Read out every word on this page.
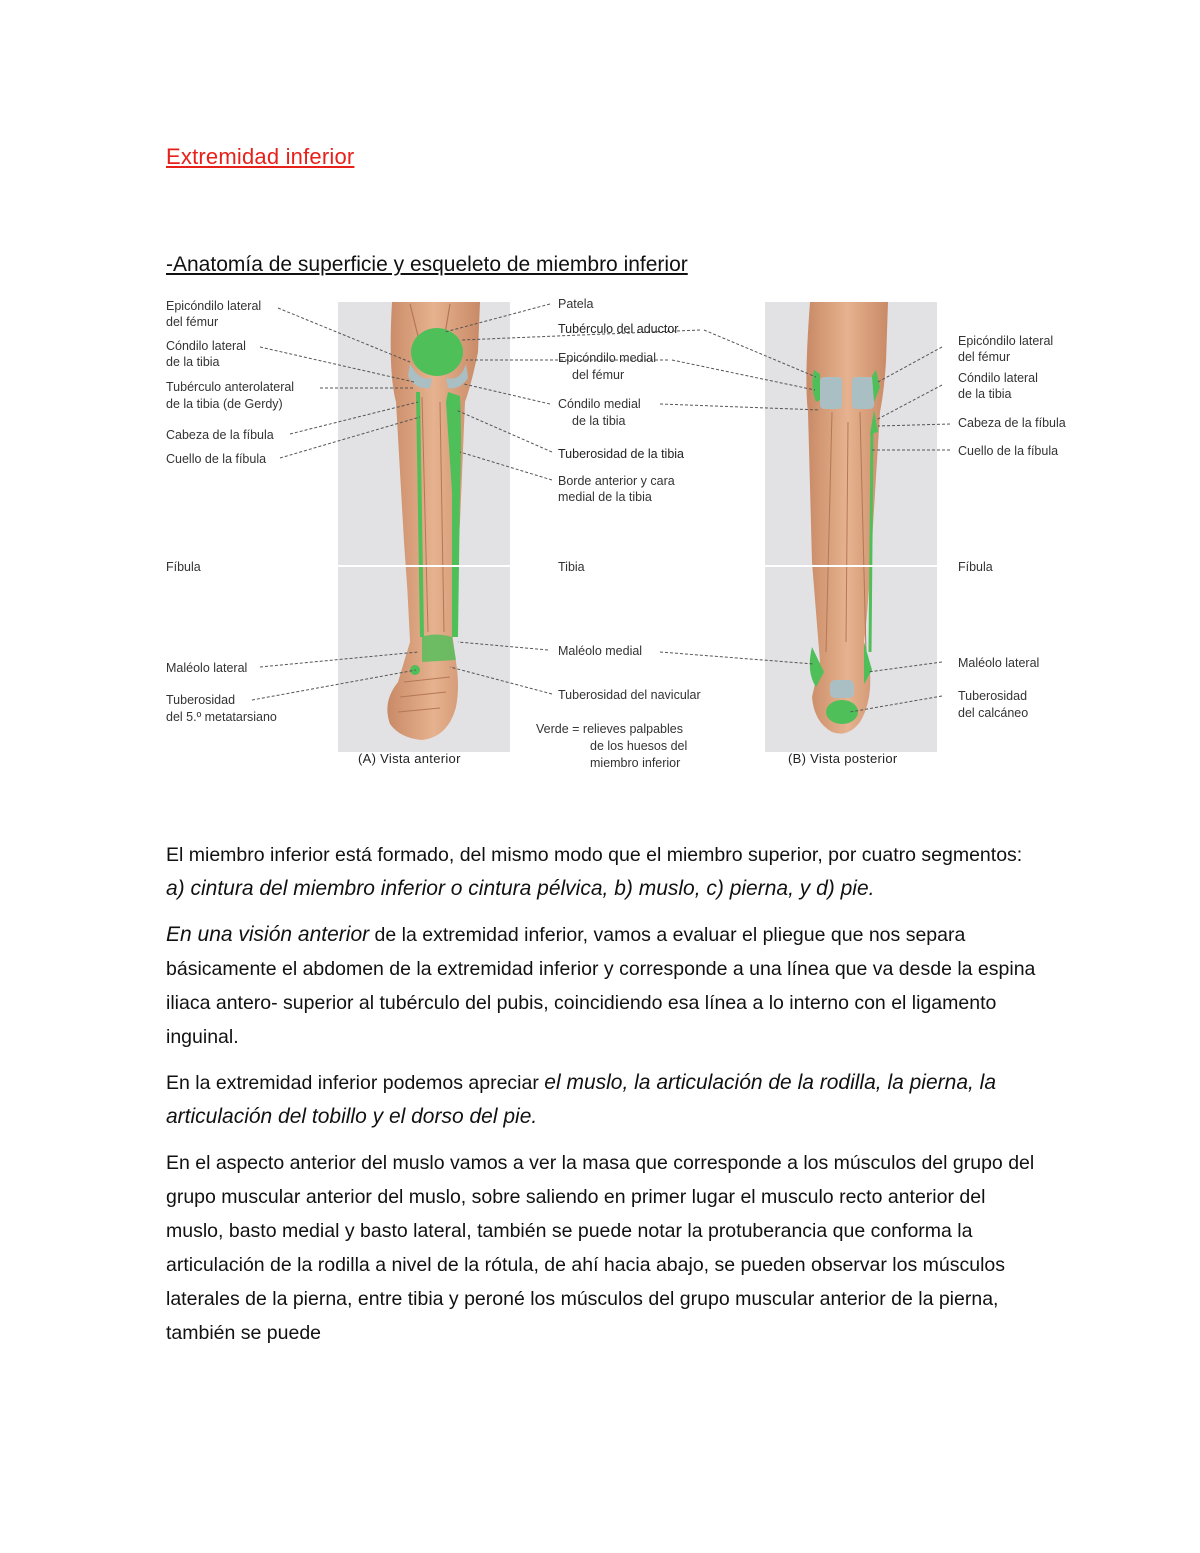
Extremidad inferior
-Anatomía de superficie y esqueleto de miembro inferior
Epicóndilo lateral
del fémur
Cóndilo lateral
de la tibia
Tubérculo anterolateral
de la tibia (de Gerdy)
Cabeza de la fíbula
Cuello de la fíbula
Fíbula
Maléolo lateral
Tuberosidad
del 5.º metatarsiano
Patela
Tubérculo del aductor
Epicóndilo medial
del fémur
Cóndilo medial
de la tibia
Tuberosidad de la tibia
Borde anterior y cara
medial de la tibia
Tibia
Maléolo medial
Tuberosidad del navicular
Verde = relieves palpables
de los huesos del
miembro inferior
Epicóndilo lateral
del fémur
Cóndilo lateral
de la tibia
Cabeza de la fíbula
Cuello de la fíbula
Fíbula
Maléolo lateral
Tuberosidad
del calcáneo
(A) Vista anterior	(B) Vista posterior

El miembro inferior está formado, del mismo modo que el miembro superior, por cuatro segmentos: a) cintura del miembro inferior o cintura pélvica, b) muslo, c) pierna, y d) pie.

En una visión anterior de la extremidad inferior, vamos a evaluar el pliegue que nos separa básicamente el abdomen de la extremidad inferior y corresponde a una línea que va desde la espina iliaca antero- superior al tubérculo del pubis, coincidiendo esa línea a lo interno con el ligamento inguinal.

En la extremidad inferior podemos apreciar el muslo, la articulación de la rodilla, la pierna, la articulación del tobillo y el dorso del pie.

En el aspecto anterior del muslo vamos a ver la masa que corresponde a los músculos del grupo del grupo muscular anterior del muslo, sobre saliendo en primer lugar el musculo recto anterior del muslo, basto medial y basto lateral, también se puede notar la protuberancia que conforma la articulación de la rodilla a nivel de la rótula, de ahí hacia abajo, se pueden observar los músculos laterales de la pierna, entre tibia y peroné los músculos del grupo muscular anterior de la pierna, también se puede
